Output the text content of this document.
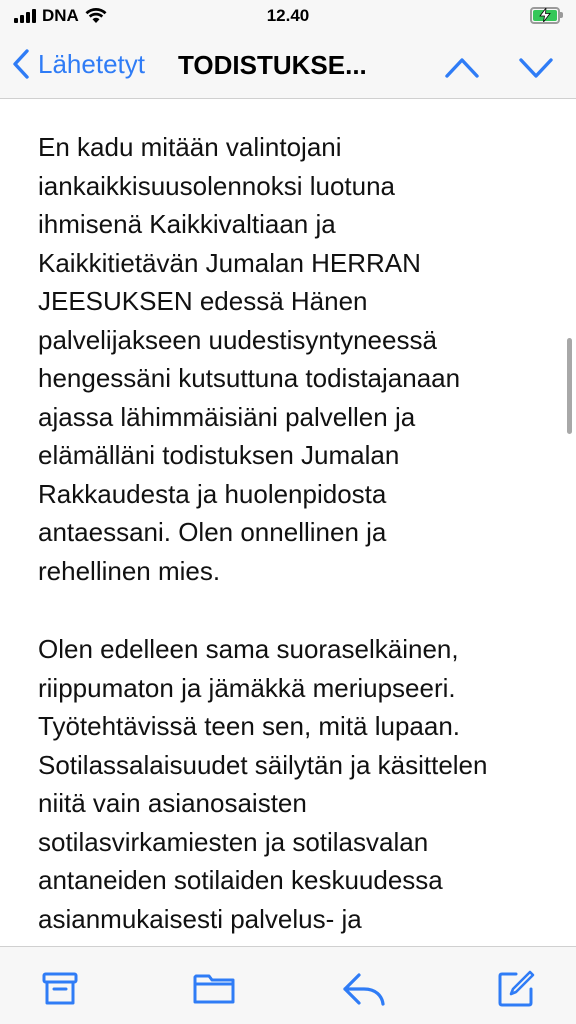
DNA	12.40
Lähetetyt TODISTUKSE...

En kadu mitään valintojani
iankaikkisuusolennoksi luotuna
ihmisenä Kaikkivaltiaan ja
Kaikkitietävän Jumalan HERRAN
JEESUKSEN edessä Hänen
palvelijakseen uudestisyntyneessä
hengessäni kutsuttuna todistajanaan
ajassa lähimmäisiäni palvellen ja
elämälläni todistuksen Jumalan
Rakkaudesta ja huolenpidosta
antaessani. Olen onnellinen ja
rehellinen mies.

Olen edelleen sama suoraselkäinen,
riippumaton ja jämäkkä meriupseeri.
Työtehtävissä teen sen, mitä lupaan.
Sotilassalaisuudet säilytän ja käsittelen
niitä vain asianosaisten
sotilasvirkamiesten ja sotilasvalan
antaneiden sotilaiden keskuudessa
asianmukaisesti palvelus- ja
